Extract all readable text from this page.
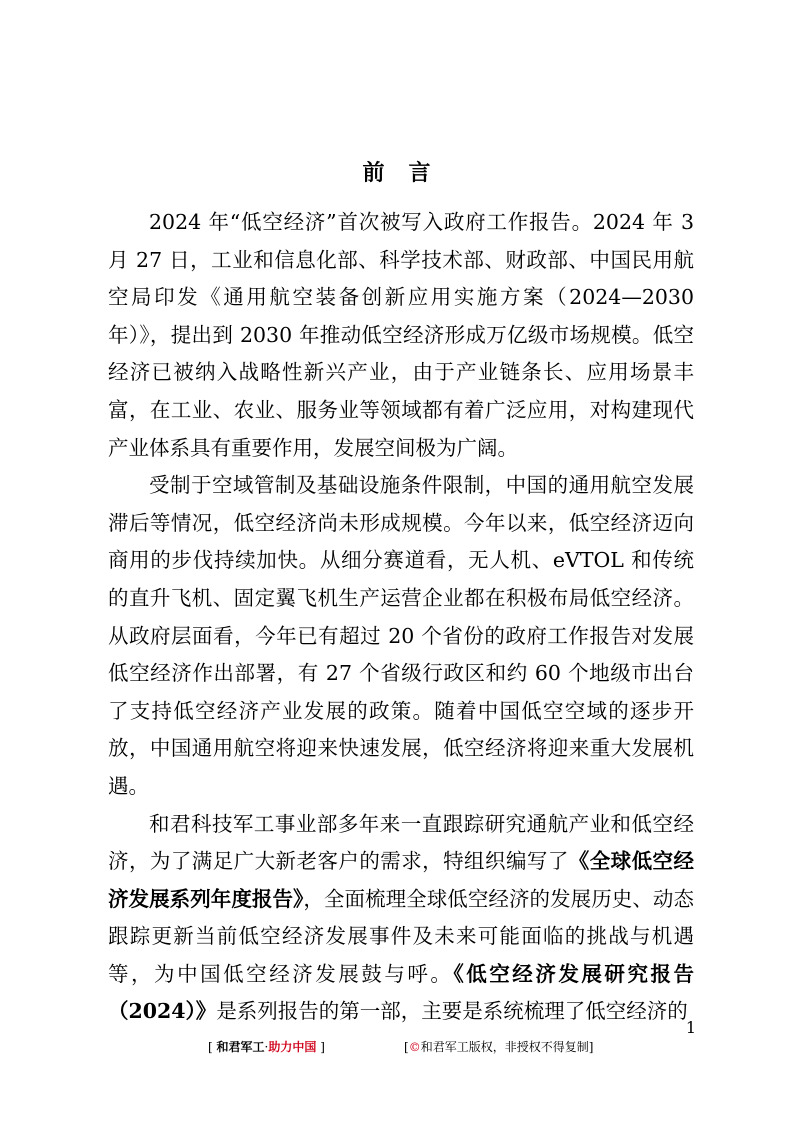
前言

2024 年“低空经济”首次被写入政府工作报告。2024 年 3 月 27 日，工业和信息化部、科学技术部、财政部、中国民用航空局印发《通用航空装备创新应用实施方案（2024—2030 年）》，提出到 2030 年推动低空经济形成万亿级市场规模。低空经济已被纳入战略性新兴产业，由于产业链条长、应用场景丰富，在工业、农业、服务业等领域都有着广泛应用，对构建现代产业体系具有重要作用，发展空间极为广阔。

受制于空域管制及基础设施条件限制，中国的通用航空发展滞后等情况，低空经济尚未形成规模。今年以来，低空经济迈向商用的步伐持续加快。从细分赛道看，无人机、eVTOL 和传统的直升飞机、固定翼飞机生产运营企业都在积极布局低空经济。从政府层面看，今年已有超过 20 个省份的政府工作报告对发展低空经济作出部署，有 27 个省级行政区和约 60 个地级市出台了支持低空经济产业发展的政策。随着中国低空空域的逐步开放，中国通用航空将迎来快速发展，低空经济将迎来重大发展机遇。

和君科技军工事业部多年来一直跟踪研究通航产业和低空经济，为了满足广大新老客户的需求，特组织编写了《全球低空经济发展系列年度报告》，全面梳理全球低空经济的发展历史、动态跟踪更新当前低空经济发展事件及未来可能面临的挑战与机遇等，为中国低空经济发展鼓与呼。《低空经济发展研究报告（2024）》是系列报告的第一部，主要是系统梳理了低空经济的

1
[ 和君军工·助力中国 ]	[©和君军工版权，非授权不得复制]
